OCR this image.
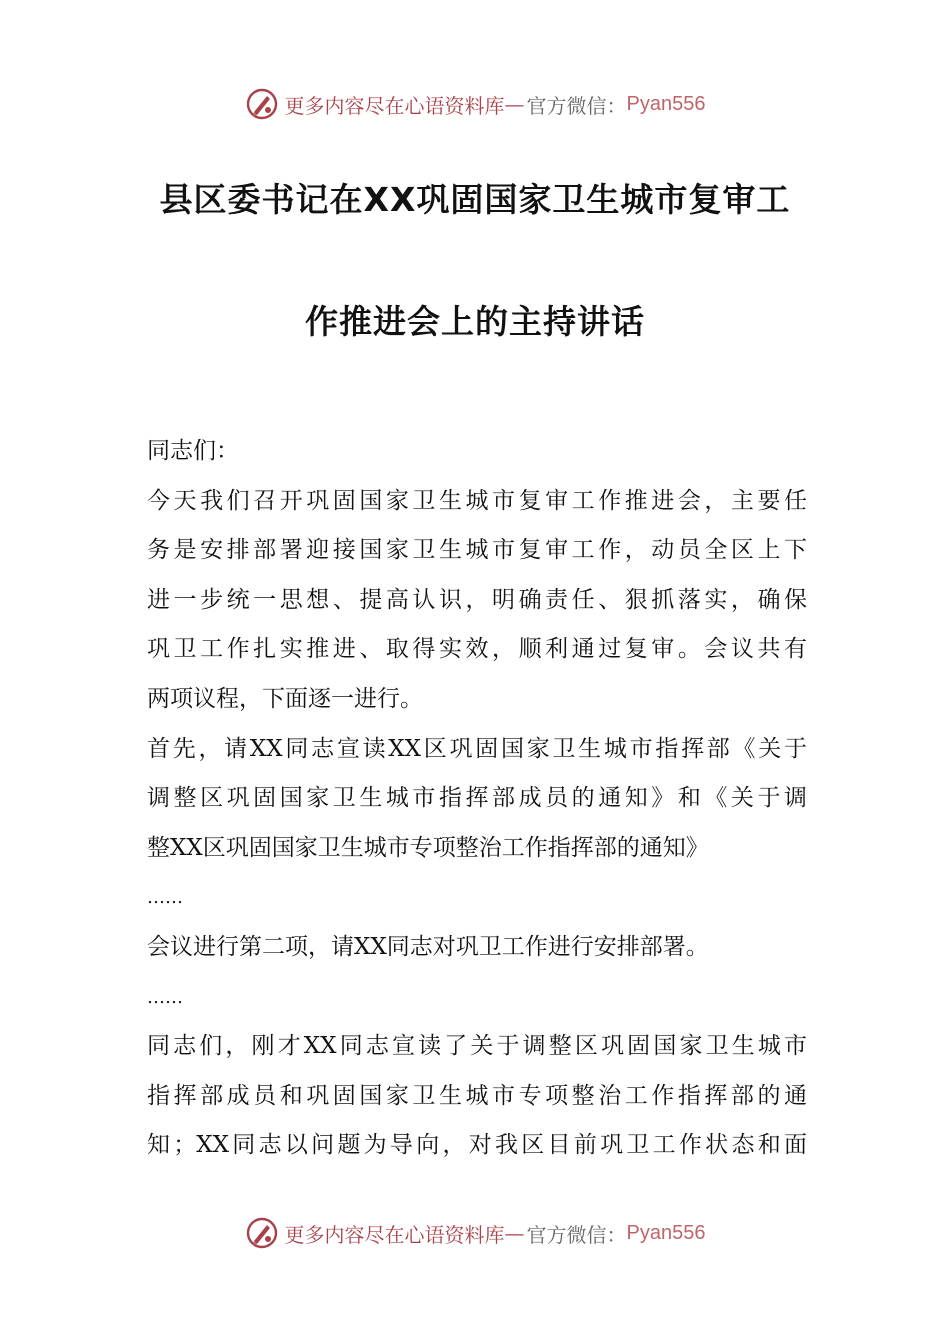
更多内容尽在心语资料库 — 官方微信： Pyan556
县区委书记在XX巩固国家卫生城市复审工
作推进会上的主持讲话
同志们：
今天我们召开巩固国家卫生城市复审工作推进会，主要任
务是安排部署迎接国家卫生城市复审工作，动员全区上下
进一步统一思想、提高认识，明确责任、狠抓落实，确保
巩卫工作扎实推进、取得实效，顺利通过复审。会议共有
两项议程，下面逐一进行。
首先，请XX同志宣读XX区巩固国家卫生城市指挥部《关于
调整区巩固国家卫生城市指挥部成员的通知》和《关于调
整XX区巩固国家卫生城市专项整治工作指挥部的通知》
……
会议进行第二项，请XX同志对巩卫工作进行安排部署。
……
同志们，刚才XX同志宣读了关于调整区巩固国家卫生城市
指挥部成员和巩固国家卫生城市专项整治工作指挥部的通
知；XX同志以问题为导向，对我区目前巩卫工作状态和面
更多内容尽在心语资料库 — 官方微信： Pyan556
